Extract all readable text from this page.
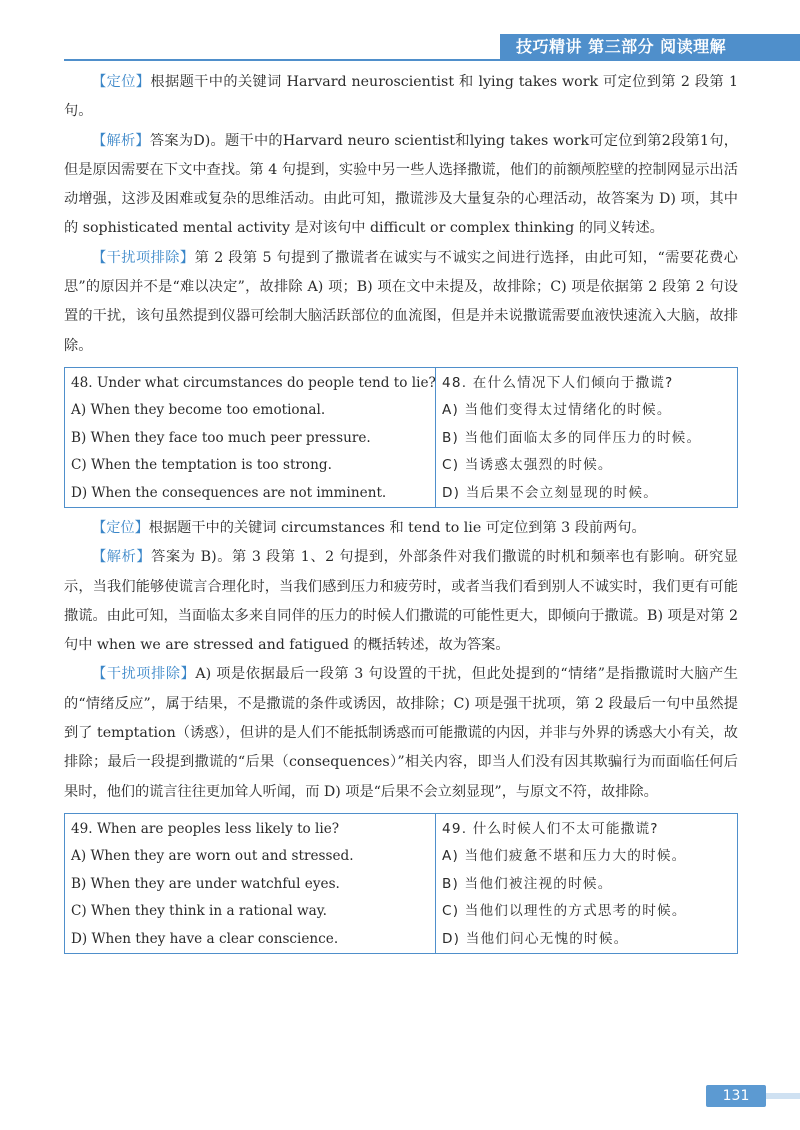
技巧精讲 第三部分 阅读理解

【定位】根据题干中的关键词 Harvard neuroscientist 和 lying takes work 可定位到第 2 段第 1 句。

【解析】答案为D)。题干中的Harvard neuro scientist和lying takes work可定位到第2段第1句，但是原因需要在下文中查找。第 4 句提到，实验中另一些人选择撒谎，他们的前额颅腔壁的控制网显示出活动增强，这涉及困难或复杂的思维活动。由此可知，撒谎涉及大量复杂的心理活动，故答案为 D) 项，其中的 sophisticated mental activity 是对该句中 difficult or complex thinking 的同义转述。

【干扰项排除】第 2 段第 5 句提到了撒谎者在诚实与不诚实之间进行选择，由此可知，“需要花费心思”的原因并不是“难以决定”，故排除 A) 项；B) 项在文中未提及，故排除；C) 项是依据第 2 段第 2 句设置的干扰，该句虽然提到仪器可绘制大脑活跃部位的血流图，但是并未说撒谎需要血液快速流入大脑，故排除。

48. Under what circumstances do people tend to lie?	48. 在什么情况下人们倾向于撒谎?
A) When they become too emotional.	A) 当他们变得太过情绪化的时候。
B) When they face too much peer pressure.	B) 当他们面临太多的同伴压力的时候。
C) When the temptation is too strong.	C) 当诱惑太强烈的时候。
D) When the consequences are not imminent.	D) 当后果不会立刻显现的时候。

【定位】根据题干中的关键词 circumstances 和 tend to lie 可定位到第 3 段前两句。

【解析】答案为 B)。第 3 段第 1、2 句提到，外部条件对我们撒谎的时机和频率也有影响。研究显示，当我们能够使谎言合理化时，当我们感到压力和疲劳时，或者当我们看到别人不诚实时，我们更有可能撒谎。由此可知，当面临太多来自同伴的压力的时候人们撒谎的可能性更大，即倾向于撒谎。B) 项是对第 2 句中 when we are stressed and fatigued 的概括转述，故为答案。

【干扰项排除】A) 项是依据最后一段第 3 句设置的干扰，但此处提到的“情绪”是指撒谎时大脑产生的“情绪反应”，属于结果，不是撒谎的条件或诱因，故排除；C) 项是强干扰项，第 2 段最后一句中虽然提到了 temptation（诱惑），但讲的是人们不能抵制诱惑而可能撒谎的内因，并非与外界的诱惑大小有关，故排除；最后一段提到撒谎的“后果（consequences）”相关内容，即当人们没有因其欺骗行为而面临任何后果时，他们的谎言往往更加耸人听闻，而 D) 项是“后果不会立刻显现”，与原文不符，故排除。

49. When are peoples less likely to lie?	49. 什么时候人们不太可能撒谎?
A) When they are worn out and stressed.	A) 当他们疲惫不堪和压力大的时候。
B) When they are under watchful eyes.	B) 当他们被注视的时候。
C) When they think in a rational way.	C) 当他们以理性的方式思考的时候。
D) When they have a clear conscience.	D) 当他们问心无愧的时候。
131
